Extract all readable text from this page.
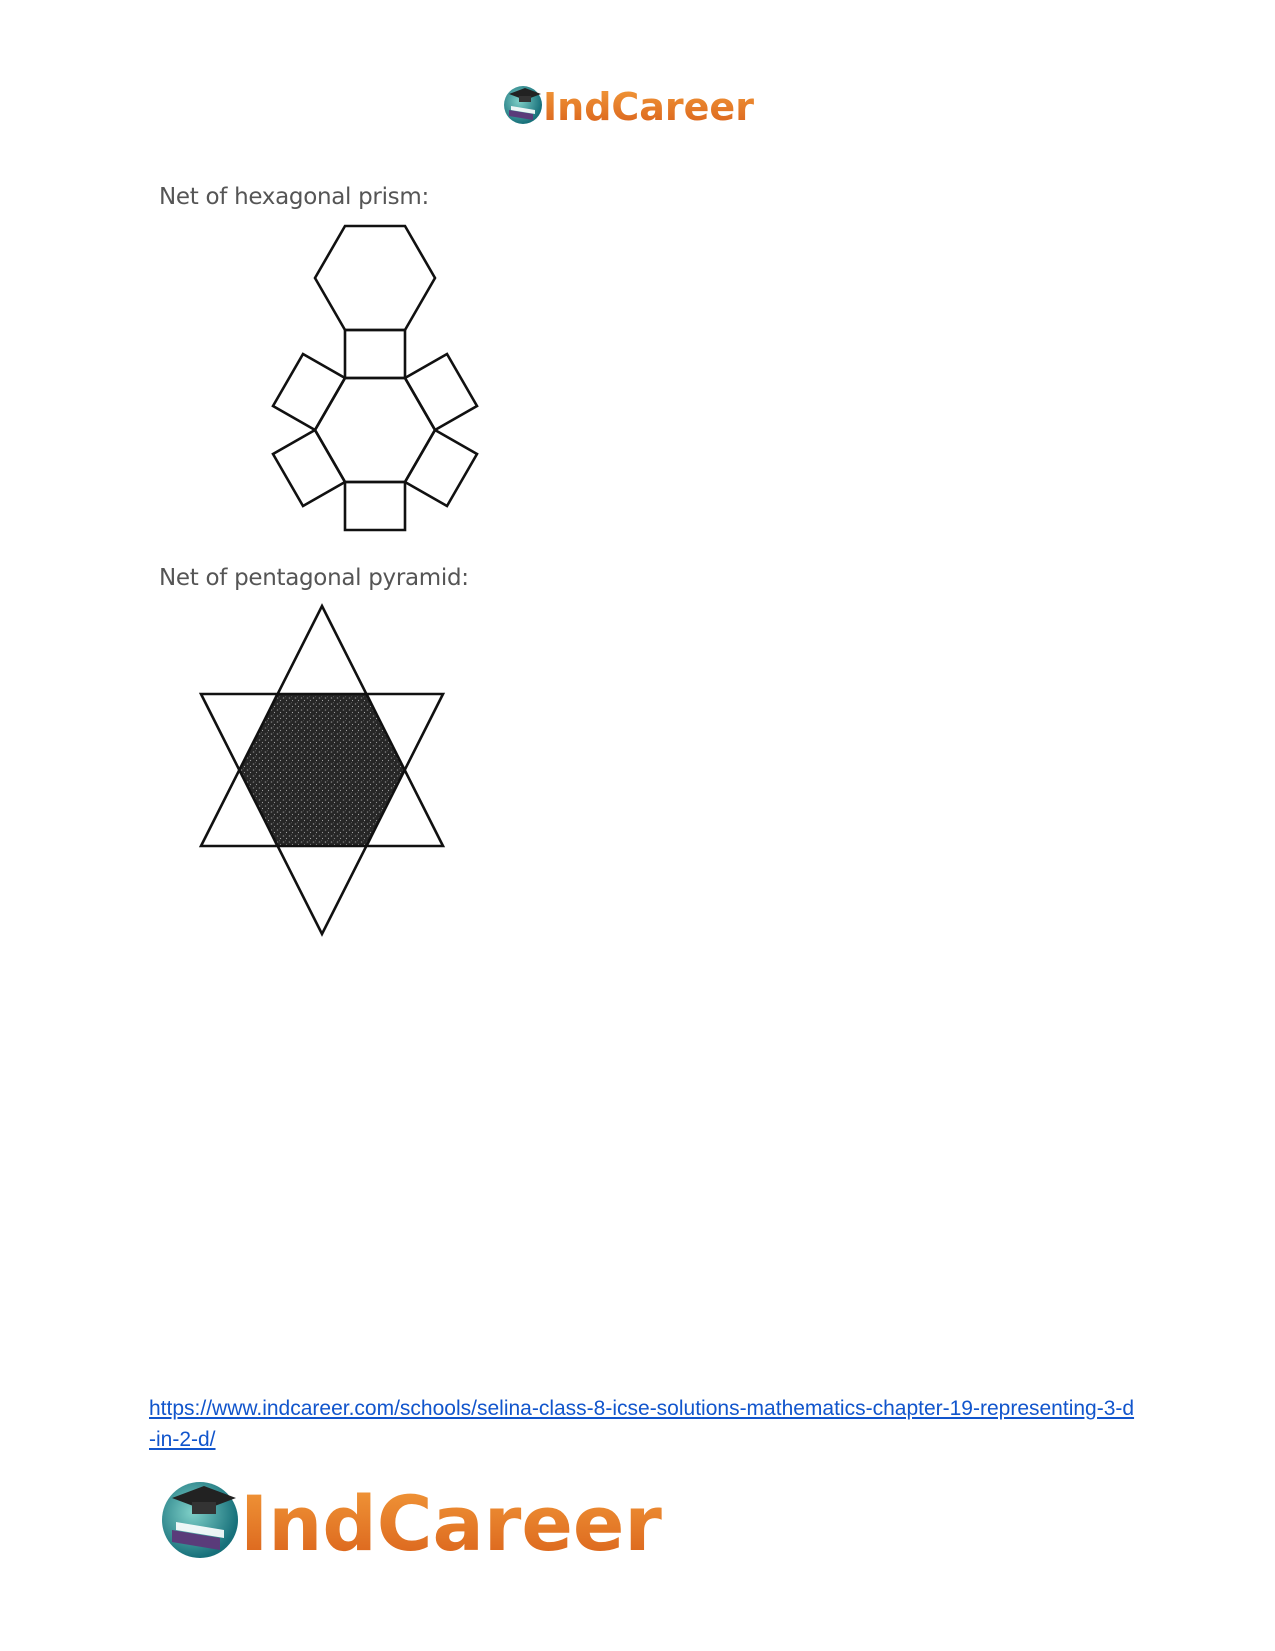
IndCareer
Net of hexagonal prism:
Net of pentagonal pyramid:
https://www.indcareer.com/schools/selina-class-8-icse-solutions-mathematics-chapter-19-representing-3-d-in-2-d/
IndCareer
